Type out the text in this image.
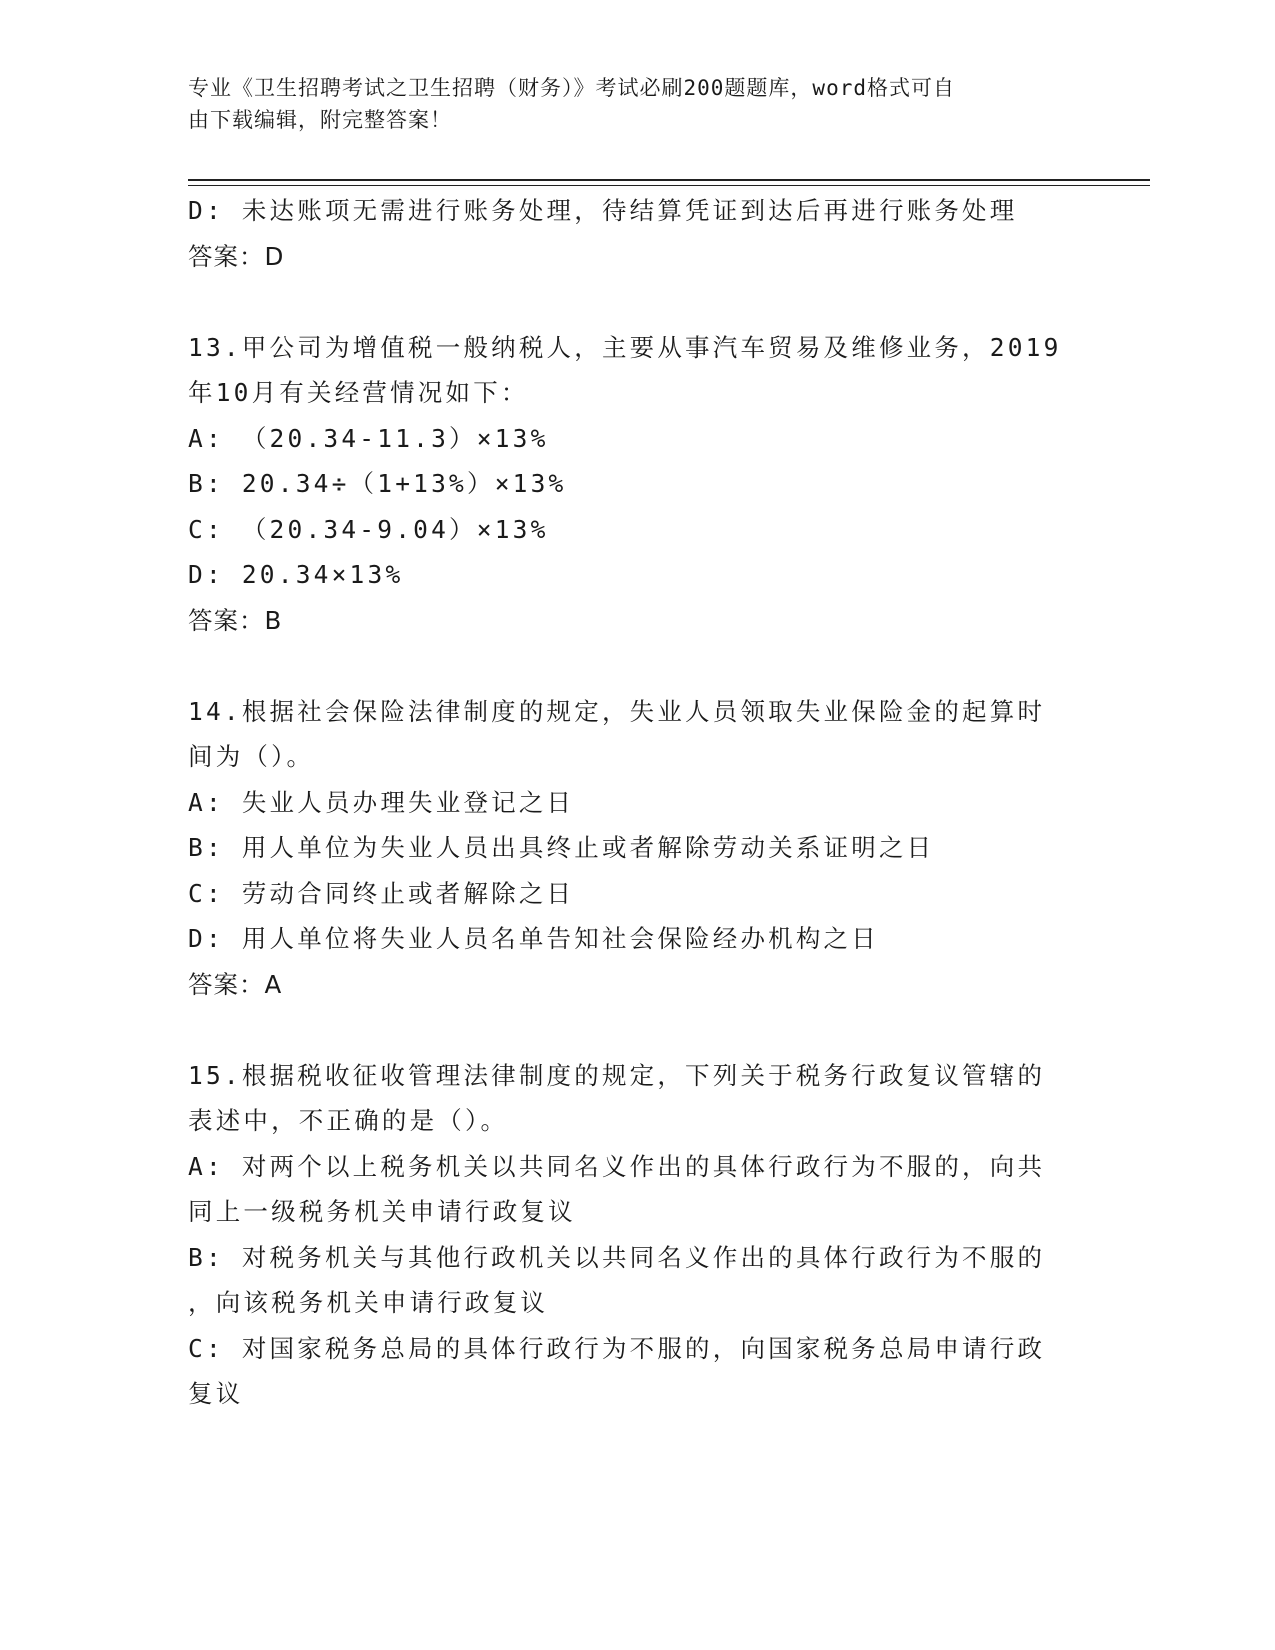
专业《卫生招聘考试之卫生招聘（财务）》考试必刷200题题库，word格式可自
由下载编辑，附完整答案！
D: 未达账项无需进行账务处理，待结算凭证到达后再进行账务处理
答案：D
13.甲公司为增值税一般纳税人，主要从事汽车贸易及维修业务，2019
年10月有关经营情况如下：
A: （20.34-11.3）×13%
B: 20.34÷（1+13%）×13%
C: （20.34-9.04）×13%
D: 20.34×13%
答案：B
14.根据社会保险法律制度的规定，失业人员领取失业保险金的起算时
间为（）。
A: 失业人员办理失业登记之日
B: 用人单位为失业人员出具终止或者解除劳动关系证明之日
C: 劳动合同终止或者解除之日
D: 用人单位将失业人员名单告知社会保险经办机构之日
答案：A
15.根据税收征收管理法律制度的规定，下列关于税务行政复议管辖的
表述中，不正确的是（）。
A: 对两个以上税务机关以共同名义作出的具体行政行为不服的，向共
同上一级税务机关申请行政复议
B: 对税务机关与其他行政机关以共同名义作出的具体行政行为不服的
，向该税务机关申请行政复议
C: 对国家税务总局的具体行政行为不服的，向国家税务总局申请行政
复议
